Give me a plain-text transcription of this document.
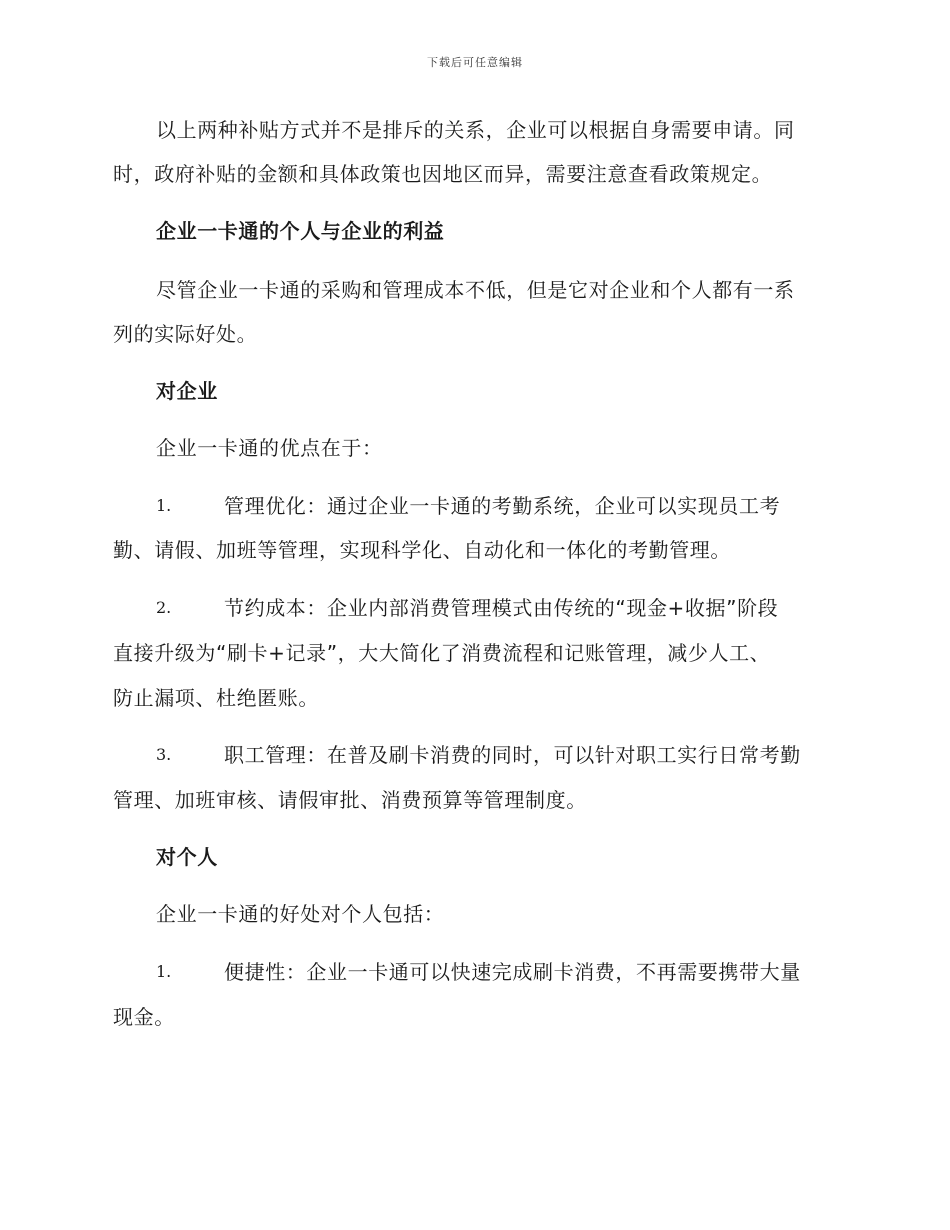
下载后可任意编辑
以上两种补贴方式并不是排斥的关系，企业可以根据自身需要申请。同
时，政府补贴的金额和具体政策也因地区而异，需要注意查看政策规定。
企业一卡通的个人与企业的利益
尽管企业一卡通的采购和管理成本不低，但是它对企业和个人都有一系
列的实际好处。
对企业
企业一卡通的优点在于：
1.	管理优化：通过企业一卡通的考勤系统，企业可以实现员工考
勤、请假、加班等管理，实现科学化、自动化和一体化的考勤管理。
2.	节约成本：企业内部消费管理模式由传统的“现金+收据”阶段
直接升级为“刷卡+记录”，大大简化了消费流程和记账管理，减少人工、
防止漏项、杜绝匿账。
3.	职工管理：在普及刷卡消费的同时，可以针对职工实行日常考勤
管理、加班审核、请假审批、消费预算等管理制度。
对个人
企业一卡通的好处对个人包括：
1.	便捷性：企业一卡通可以快速完成刷卡消费，不再需要携带大量
现金。
